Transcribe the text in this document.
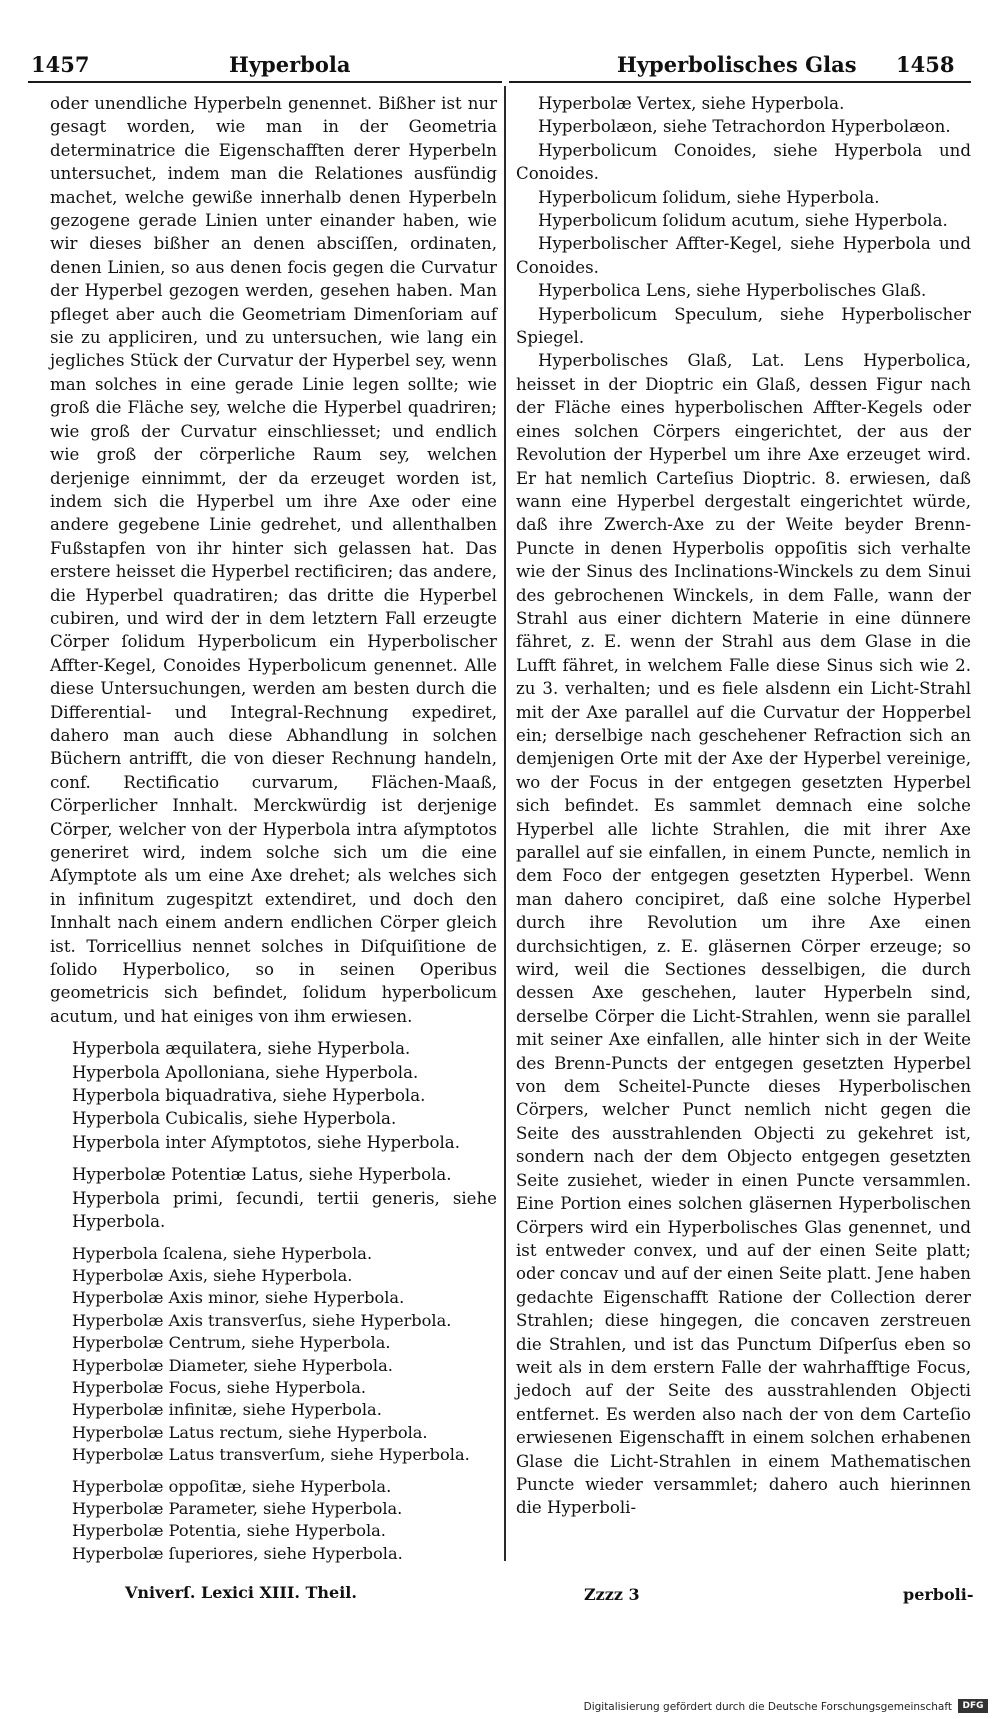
1457	Hyperbola	Hyperbolisches Glas 1458

oder unendliche Hyperbeln genennet. Bißher ist nur gesagt worden, wie man in der Geometria determinatrice die Eigenschafften derer Hyperbeln untersuchet, indem man die Relationes ausfündig machet, welche gewiße innerhalb denen Hyperbeln gezogene gerade Linien unter einander haben, wie wir dieses bißher an denen absciſſen, ordinaten, denen Linien, so aus denen focis gegen die Curvatur der Hyperbel gezogen werden, gesehen haben. Man pfleget aber auch die Geometriam Dimenſoriam auf sie zu appliciren, und zu untersuchen, wie lang ein jegliches Stück der Curvatur der Hyperbel sey, wenn man solches in eine gerade Linie legen sollte; wie groß die Fläche sey, welche die Hyperbel quadriren; wie groß der Curvatur einschliesset; und endlich wie groß der cörperliche Raum sey, welchen derjenige einnimmt, der da erzeuget worden ist, indem sich die Hyperbel um ihre Axe oder eine andere gegebene Linie gedrehet, und allenthalben Fußstapfen von ihr hinter sich gelassen hat. Das erstere heisset die Hyperbel rectificiren; das andere, die Hyperbel quadratiren; das dritte die Hyperbel cubiren, und wird der in dem letztern Fall erzeugte Cörper ſolidum Hyperbolicum ein Hyperbolischer Affter-Kegel, Conoides Hyperbolicum genennet. Alle diese Untersuchungen, werden am besten durch die Differential- und Integral-Rechnung expediret, dahero man auch diese Abhandlung in solchen Büchern antrifft, die von dieser Rechnung handeln, conf. Rectificatio curvarum, Flächen-Maaß, Cörperlicher Innhalt. Merckwürdig ist derjenige Cörper, welcher von der Hyperbola intra aſymptotos generiret wird, indem solche sich um die eine Aſymptote als um eine Axe drehet; als welches sich in infinitum zugespitzt extendiret, und doch den Innhalt nach einem andern endlichen Cörper gleich ist. Torricellius nennet solches in Diſquiſitione de ſolido Hyperbolico, so in seinen Operibus geometricis sich befindet, ſolidum hyperbolicum acutum, und hat einiges von ihm erwiesen.

Hyperbola æquilatera, siehe Hyperbola.

Hyperbola Apolloniana, siehe Hyperbola.

Hyperbola biquadrativa, siehe Hyperbola.

Hyperbola Cubicalis, siehe Hyperbola.

Hyperbola inter Aſymptotos, siehe Hyperbola.

Hyperbolæ Potentiæ Latus, siehe Hyperbola.

Hyperbola primi, ſecundi, tertii generis, siehe Hyperbola.

Hyperbola ſcalena, siehe Hyperbola.

Hyperbolæ Axis, siehe Hyperbola.

Hyperbolæ Axis minor, siehe Hyperbola.

Hyperbolæ Axis transverſus, siehe Hyperbola.

Hyperbolæ Centrum, siehe Hyperbola.

Hyperbolæ Diameter, siehe Hyperbola.

Hyperbolæ Focus, siehe Hyperbola.

Hyperbolæ infinitæ, siehe Hyperbola.

Hyperbolæ Latus rectum, siehe Hyperbola.

Hyperbolæ Latus transverſum, siehe Hyperbola.

Hyperbolæ oppoſitæ, siehe Hyperbola.

Hyperbolæ Parameter, siehe Hyperbola.

Hyperbolæ Potentia, siehe Hyperbola.

Hyperbolæ ſuperiores, siehe Hyperbola.

Hyperbolæ Vertex, siehe Hyperbola.

Hyperbolæon, siehe Tetrachordon Hyperbolæon.

Hyperbolicum Conoides, siehe Hyperbola und Conoides.

Hyperbolicum ſolidum, siehe Hyperbola.

Hyperbolicum ſolidum acutum, siehe Hyperbola.

Hyperbolischer Affter-Kegel, siehe Hyperbola und Conoides.

Hyperbolica Lens, siehe Hyperbolisches Glaß.

Hyperbolicum Speculum, siehe Hyperbolischer Spiegel.

Hyperbolisches Glaß, Lat. Lens Hyperbolica, heisset in der Dioptric ein Glaß, dessen Figur nach der Fläche eines hyperbolischen Affter-Kegels oder eines solchen Cörpers eingerichtet, der aus der Revolution der Hyperbel um ihre Axe erzeuget wird. Er hat nemlich Carteſius Dioptric. 8. erwiesen, daß wann eine Hyperbel dergestalt eingerichtet würde, daß ihre Zwerch-Axe zu der Weite beyder Brenn-Puncte in denen Hyperbolis oppoſitis sich verhalte wie der Sinus des Inclinations-Winckels zu dem Sinui des gebrochenen Winckels, in dem Falle, wann der Strahl aus einer dichtern Materie in eine dünnere fähret, z. E. wenn der Strahl aus dem Glase in die Lufft fähret, in welchem Falle diese Sinus sich wie 2. zu 3. verhalten; und es fiele alsdenn ein Licht-Strahl mit der Axe parallel auf die Curvatur der Hopperbel ein; derselbige nach geschehener Refraction sich an demjenigen Orte mit der Axe der Hyperbel vereinige, wo der Focus in der entgegen gesetzten Hyperbel sich befindet. Es sammlet demnach eine solche Hyperbel alle lichte Strahlen, die mit ihrer Axe parallel auf sie einfallen, in einem Puncte, nemlich in dem Foco der entgegen gesetzten Hyperbel. Wenn man dahero concipiret, daß eine solche Hyperbel durch ihre Revolution um ihre Axe einen durchsichtigen, z. E. gläsernen Cörper erzeuge; so wird, weil die Sectiones desselbigen, die durch dessen Axe geschehen, lauter Hyperbeln sind, derselbe Cörper die Licht-Strahlen, wenn sie parallel mit seiner Axe einfallen, alle hinter sich in der Weite des Brenn-Puncts der entgegen gesetzten Hyperbel von dem Scheitel-Puncte dieses Hyperbolischen Cörpers, welcher Punct nemlich nicht gegen die Seite des ausstrahlenden Objecti zu gekehret ist, sondern nach der dem Objecto entgegen gesetzten Seite zusiehet, wieder in einen Puncte versammlen. Eine Portion eines solchen gläsernen Hyperbolischen Cörpers wird ein Hyperbolisches Glas genennet, und ist entweder convex, und auf der einen Seite platt; oder concav und auf der einen Seite platt. Jene haben gedachte Eigenschafft Ratione der Collection derer Strahlen; diese hingegen, die concaven zerstreuen die Strahlen, und ist das Punctum Diſperſus eben so weit als in dem erstern Falle der wahrhafftige Focus, jedoch auf der Seite des ausstrahlenden Objecti entfernet. Es werden also nach der von dem Carteſio erwiesenen Eigenschafft in einem solchen erhabenen Glase die Licht-Strahlen in einem Mathematischen Puncte wieder versammlet; dahero auch hierinnen die Hyperboli-

Vniverſ. Lexici XIII. Theil.	Zzzz 3	perboli-
Digitalisierung gefördert durch die Deutsche Forschungsgemeinschaft	DFG
